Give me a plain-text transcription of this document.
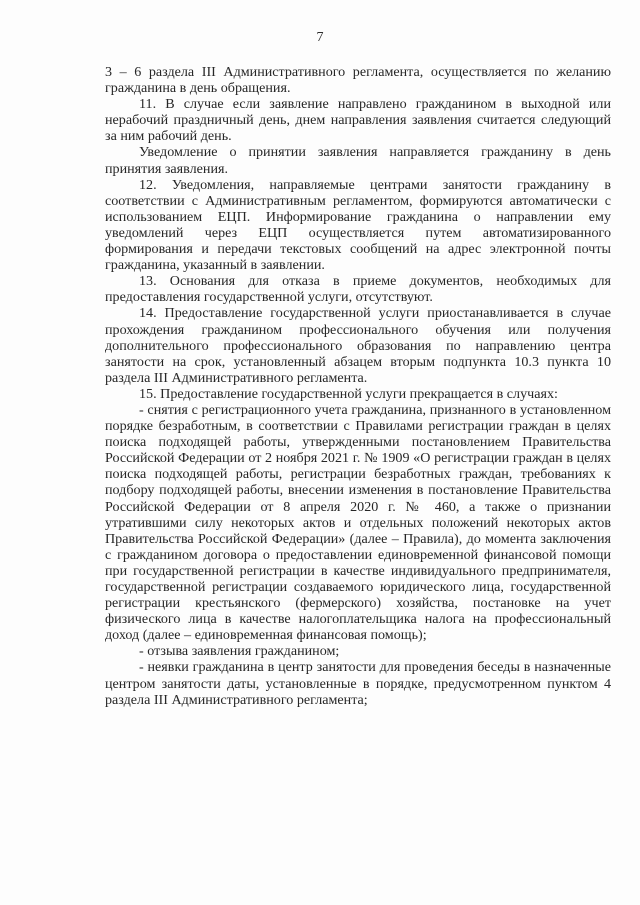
7

3 – 6 раздела III Административного регламента, осуществляется по желанию гражданина в день обращения.

11. В случае если заявление направлено гражданином в выходной или нерабочий праздничный день, днем направления заявления считается следующий за ним рабочий день.

Уведомление о принятии заявления направляется гражданину в день принятия заявления.

12. Уведомления, направляемые центрами занятости гражданину в соответствии с Административным регламентом, формируются автоматически с использованием ЕЦП. Информирование гражданина о направлении ему уведомлений через ЕЦП осуществляется путем автоматизированного формирования и передачи текстовых сообщений на адрес электронной почты гражданина, указанный в заявлении.

13. Основания для отказа в приеме документов, необходимых для предоставления государственной услуги, отсутствуют.

14. Предоставление государственной услуги приостанавливается в случае прохождения гражданином профессионального обучения или получения дополнительного профессионального образования по направлению центра занятости на срок, установленный абзацем вторым подпункта 10.3 пункта 10 раздела III Административного регламента.

15. Предоставление государственной услуги прекращается в случаях:

- снятия с регистрационного учета гражданина, признанного в установленном порядке безработным, в соответствии с Правилами регистрации граждан в целях поиска подходящей работы, утвержденными постановлением Правительства Российской Федерации от 2 ноября 2021 г. № 1909 «О регистрации граждан в целях поиска подходящей работы, регистрации безработных граждан, требованиях к подбору подходящей работы, внесении изменения в постановление Правительства Российской Федерации от 8 апреля 2020 г. № 460, а также о признании утратившими силу некоторых актов и отдельных положений некоторых актов Правительства Российской Федерации» (далее – Правила), до момента заключения с гражданином договора о предоставлении единовременной финансовой помощи при государственной регистрации в качестве индивидуального предпринимателя, государственной регистрации создаваемого юридического лица, государственной регистрации крестьянского (фермерского) хозяйства, постановке на учет физического лица в качестве налогоплательщика налога на профессиональный доход (далее – единовременная финансовая помощь);

- отзыва заявления гражданином;

- неявки гражданина в центр занятости для проведения беседы в назначенные центром занятости даты, установленные в порядке, предусмотренном пунктом 4 раздела III Административного регламента;
